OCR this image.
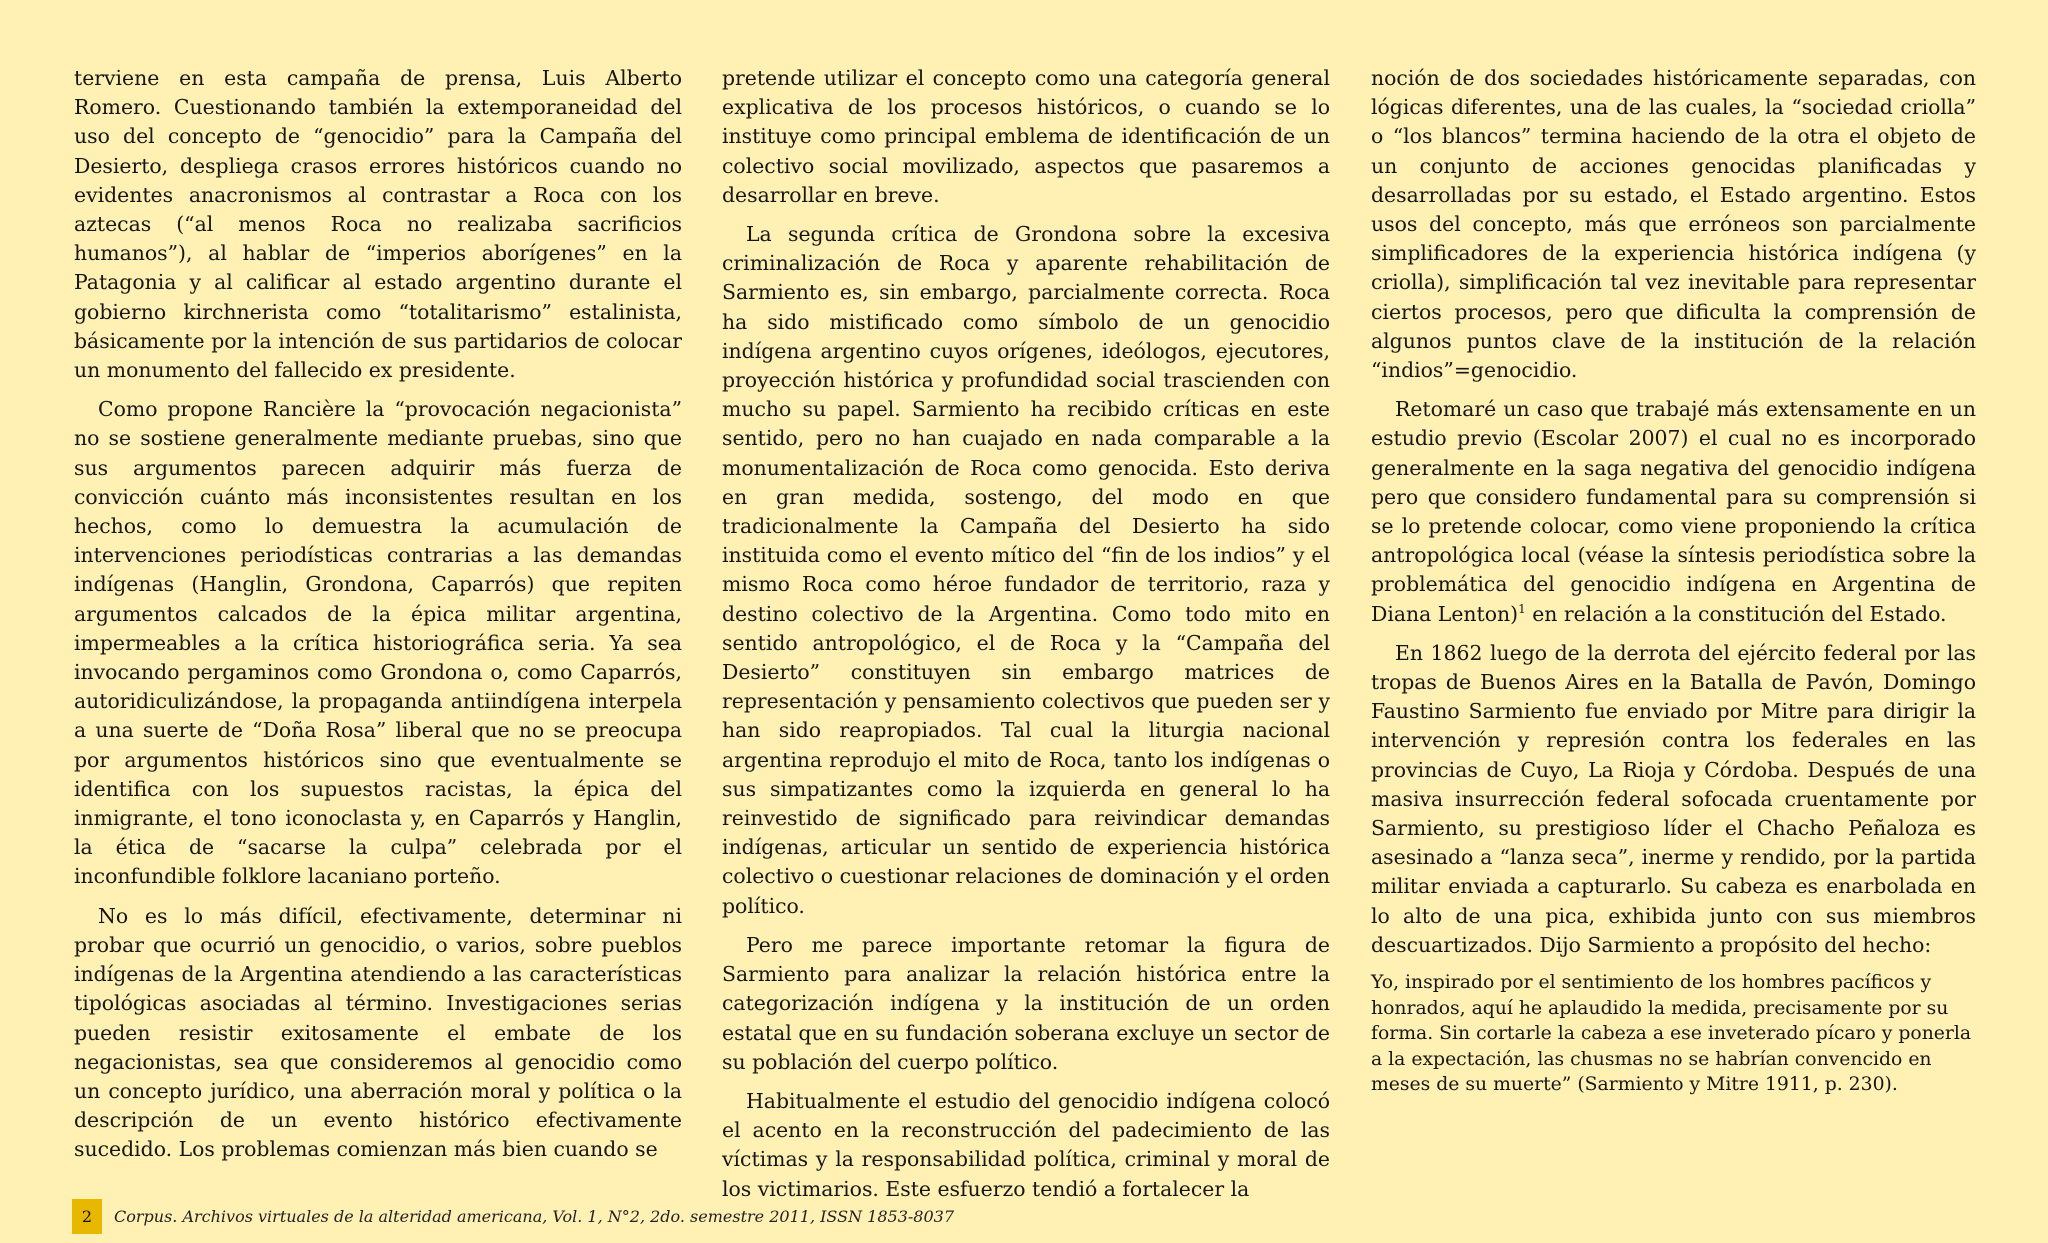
terviene en esta campaña de prensa, Luis Alberto Romero. Cuestionando también la extemporaneidad del uso del concepto de “genocidio” para la Campaña del Desierto, despliega crasos errores históricos cuando no evidentes anacronismos al contrastar a Roca con los aztecas (“al menos Roca no realizaba sacrificios humanos”), al hablar de “imperios aborígenes” en la Patagonia y al calificar al estado argentino durante el gobierno kirchnerista como “totalitarismo” estalinista, básicamente por la intención de sus partidarios de colocar un monumento del fallecido ex presidente.

Como propone Rancière la “provocación negacionista” no se sostiene generalmente mediante pruebas, sino que sus argumentos parecen adquirir más fuerza de convicción cuánto más inconsistentes resultan en los hechos, como lo demuestra la acumulación de intervenciones periodísticas contrarias a las demandas indígenas (Hanglin, Grondona, Caparrós) que repiten argumentos calcados de la épica militar argentina, impermeables a la crítica historiográfica seria. Ya sea invocando pergaminos como Grondona o, como Caparrós, autoridiculizándose, la propaganda antiindígena interpela a una suerte de “Doña Rosa” liberal que no se preocupa por argumentos históricos sino que eventualmente se identifica con los supuestos racistas, la épica del inmigrante, el tono iconoclasta y, en Caparrós y Hanglin, la ética de “sacarse la culpa” celebrada por el inconfundible folklore lacaniano porteño.

No es lo más difícil, efectivamente, determinar ni probar que ocurrió un genocidio, o varios, sobre pueblos indígenas de la Argentina atendiendo a las características tipológicas asociadas al término. Investigaciones serias pueden resistir exitosamente el embate de los negacionistas, sea que consideremos al genocidio como un concepto jurídico, una aberración moral y política o la descripción de un evento histórico efectivamente sucedido. Los problemas comienzan más bien cuando se

pretende utilizar el concepto como una categoría general explicativa de los procesos históricos, o cuando se lo instituye como principal emblema de identificación de un colectivo social movilizado, aspectos que pasaremos a desarrollar en breve.

La segunda crítica de Grondona sobre la excesiva criminalización de Roca y aparente rehabilitación de Sarmiento es, sin embargo, parcialmente correcta. Roca ha sido mistificado como símbolo de un genocidio indígena argentino cuyos orígenes, ideólogos, ejecutores, proyección histórica y profundidad social trascienden con mucho su papel. Sarmiento ha recibido críticas en este sentido, pero no han cuajado en nada comparable a la monumentalización de Roca como genocida. Esto deriva en gran medida, sostengo, del modo en que tradicionalmente la Campaña del Desierto ha sido instituida como el evento mítico del “fin de los indios” y el mismo Roca como héroe fundador de territorio, raza y destino colectivo de la Argentina. Como todo mito en sentido antropológico, el de Roca y la “Campaña del Desierto” constituyen sin embargo matrices de representación y pensamiento colectivos que pueden ser y han sido reapropiados. Tal cual la liturgia nacional argentina reprodujo el mito de Roca, tanto los indígenas o sus simpatizantes como la izquierda en general lo ha reinvestido de significado para reivindicar demandas indígenas, articular un sentido de experiencia histórica colectivo o cuestionar relaciones de dominación y el orden político.

Pero me parece importante retomar la figura de Sarmiento para analizar la relación histórica entre la categorización indígena y la institución de un orden estatal que en su fundación soberana excluye un sector de su población del cuerpo político.

Habitualmente el estudio del genocidio indígena colocó el acento en la reconstrucción del padecimiento de las víctimas y la responsabilidad política, criminal y moral de los victimarios. Este esfuerzo tendió a fortalecer la

noción de dos sociedades históricamente separadas, con lógicas diferentes, una de las cuales, la “sociedad criolla” o “los blancos” termina haciendo de la otra el objeto de un conjunto de acciones genocidas planificadas y desarrolladas por su estado, el Estado argentino. Estos usos del concepto, más que erróneos son parcialmente simplificadores de la experiencia histórica indígena (y criolla), simplificación tal vez inevitable para representar ciertos procesos, pero que dificulta la comprensión de algunos puntos clave de la institución de la relación “indios”=genocidio.

Retomaré un caso que trabajé más extensamente en un estudio previo (Escolar 2007) el cual no es incorporado generalmente en la saga negativa del genocidio indígena pero que considero fundamental para su comprensión si se lo pretende colocar, como viene proponiendo la crítica antropológica local (véase la síntesis periodística sobre la problemática del genocidio indígena en Argentina de Diana Lenton)$^1$ en relación a la constitución del Estado.

En 1862 luego de la derrota del ejército federal por las tropas de Buenos Aires en la Batalla de Pavón, Domingo Faustino Sarmiento fue enviado por Mitre para dirigir la intervención y represión contra los federales en las provincias de Cuyo, La Rioja y Córdoba. Después de una masiva insurrección federal sofocada cruentamente por Sarmiento, su prestigioso líder el Chacho Peñaloza es asesinado a “lanza seca”, inerme y rendido, por la partida militar enviada a capturarlo. Su cabeza es enarbolada en lo alto de una pica, exhibida junto con sus miembros descuartizados. Dijo Sarmiento a propósito del hecho:

Yo, inspirado por el sentimiento de los hombres pacíficos y honrados, aquí he aplaudido la medida, precisamente por su forma. Sin cortarle la cabeza a ese inveterado pícaro y ponerla a la expectación, las chusmas no se habrían convencido en meses de su muerte” (Sarmiento y Mitre 1911, p. 230).

2	Corpus. Archivos virtuales de la alteridad americana, Vol. 1, N°2, 2do. semestre 2011, ISSN 1853-8037
